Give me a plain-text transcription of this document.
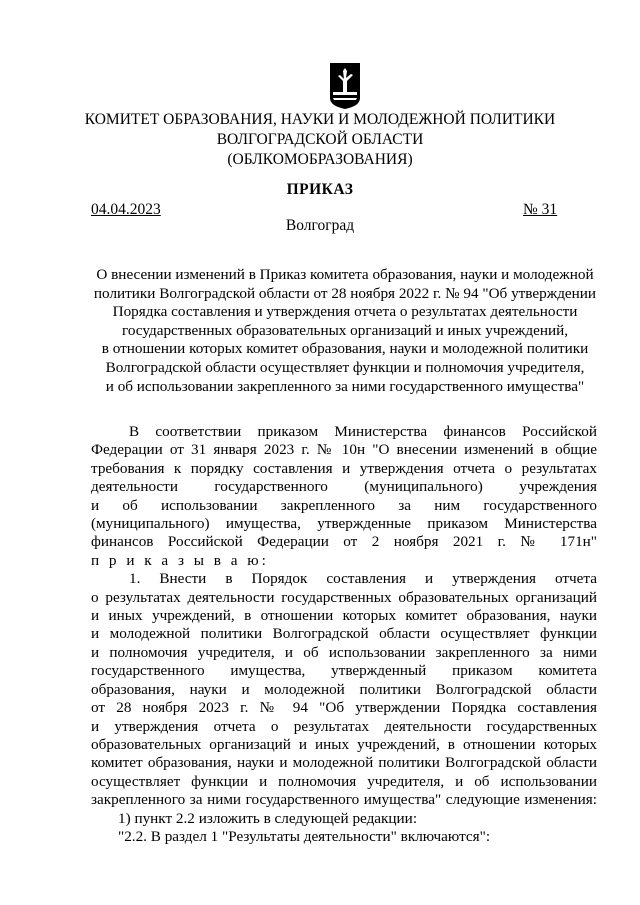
КОМИТЕТ ОБРАЗОВАНИЯ, НАУКИ И МОЛОДЕЖНОЙ ПОЛИТИКИ
ВОЛГОГРАДСКОЙ ОБЛАСТИ
(ОБЛКОМОБРАЗОВАНИЯ)
ПРИКАЗ
04.04.2023	№ 31
Волгоград
О внесении изменений в Приказ комитета образования, науки и молодежной
политики Волгоградской области от 28 ноября 2022 г. № 94 "Об утверждении
Порядка составления и утверждения отчета о результатах деятельности
государственных образовательных организаций и иных учреждений,
в отношении которых комитет образования, науки и молодежной политики
Волгоградской области осуществляет функции и полномочия учредителя,
и об использовании закрепленного за ними государственного имущества"
В соответствии приказом Министерства финансов Российской
Федерации от 31 января 2023 г. № 10н "О внесении изменений в общие
требования к порядку составления и утверждения отчета о результатах
деятельности государственного (муниципального) учреждения
и об использовании закрепленного за ним государственного
(муниципального) имущества, утвержденные приказом Министерства
финансов Российской Федерации от 2 ноября 2021 г. № 171н"
п р и к а з ы в а ю:
1. Внести в Порядок составления и утверждения отчета
о результатах деятельности государственных образовательных организаций
и иных учреждений, в отношении которых комитет образования, науки
и молодежной политики Волгоградской области осуществляет функции
и полномочия учредителя, и об использовании закрепленного за ними
государственного имущества, утвержденный приказом комитета
образования, науки и молодежной политики Волгоградской области
от 28 ноября 2023 г. № 94 "Об утверждении Порядка составления
и утверждения отчета о результатах деятельности государственных
образовательных организаций и иных учреждений, в отношении которых
комитет образования, науки и молодежной политики Волгоградской области
осуществляет функции и полномочия учредителя, и об использовании
закрепленного за ними государственного имущества" следующие изменения:
1) пункт 2.2 изложить в следующей редакции:
"2.2. В раздел 1 "Результаты деятельности" включаются":
